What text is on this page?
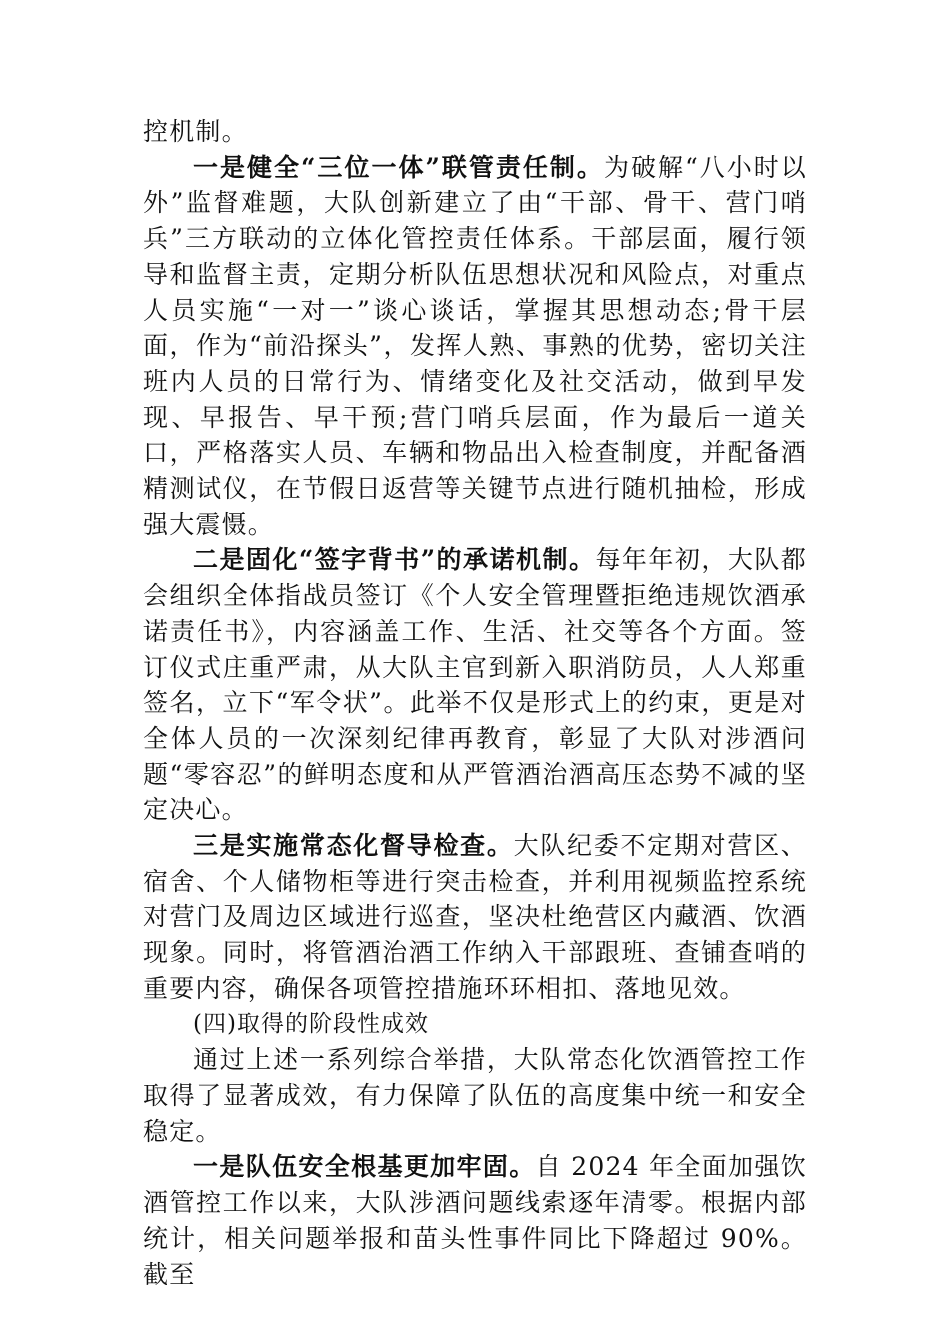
控机制。

一是健全“三位一体”联管责任制。为破解“八小时以外”监督难题，大队创新建立了由“干部、骨干、营门哨兵”三方联动的立体化管控责任体系。干部层面，履行领导和监督主责，定期分析队伍思想状况和风险点，对重点人员实施“一对一”谈心谈话，掌握其思想动态;骨干层面，作为“前沿探头”，发挥人熟、事熟的优势，密切关注班内人员的日常行为、情绪变化及社交活动，做到早发现、早报告、早干预;营门哨兵层面，作为最后一道关口，严格落实人员、车辆和物品出入检查制度，并配备酒精测试仪，在节假日返营等关键节点进行随机抽检，形成强大震慑。

二是固化“签字背书”的承诺机制。每年年初，大队都会组织全体指战员签订《个人安全管理暨拒绝违规饮酒承诺责任书》，内容涵盖工作、生活、社交等各个方面。签订仪式庄重严肃，从大队主官到新入职消防员，人人郑重签名，立下“军令状”。此举不仅是形式上的约束，更是对全体人员的一次深刻纪律再教育，彰显了大队对涉酒问题“零容忍”的鲜明态度和从严管酒治酒高压态势不减的坚定决心。

三是实施常态化督导检查。大队纪委不定期对营区、宿舍、个人储物柜等进行突击检查，并利用视频监控系统对营门及周边区域进行巡查，坚决杜绝营区内藏酒、饮酒现象。同时，将管酒治酒工作纳入干部跟班、查铺查哨的重要内容，确保各项管控措施环环相扣、落地见效。

(四)取得的阶段性成效

通过上述一系列综合举措，大队常态化饮酒管控工作取得了显著成效，有力保障了队伍的高度集中统一和安全稳定。

一是队伍安全根基更加牢固。自 2024 年全面加强饮酒管控工作以来，大队涉酒问题线索逐年清零。根据内部统计，相关问题举报和苗头性事件同比下降超过 90%。截至
